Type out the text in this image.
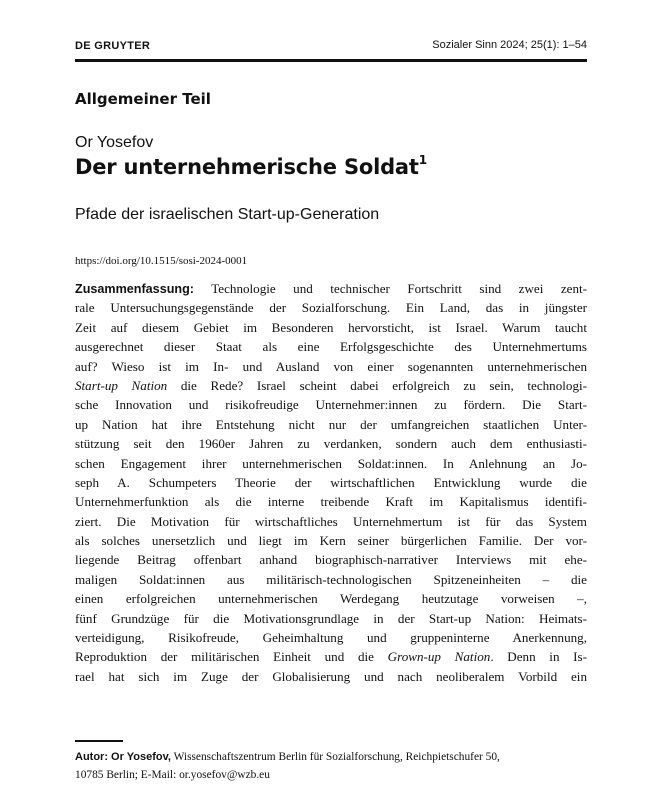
DE GRUYTER	Sozialer Sinn 2024; 25(1): 1–54
Allgemeiner Teil
Or Yosefov
Der unternehmerische Soldat$^1$
Pfade der israelischen Start-up-Generation
https://doi.org/10.1515/sosi-2024-0001
Zusammenfassung: Technologie und technischer Fortschritt sind zwei zent-
rale Untersuchungsgegenstände der Sozialforschung. Ein Land, das in jüngster
Zeit auf diesem Gebiet im Besonderen hervorsticht, ist Israel. Warum taucht
ausgerechnet dieser Staat als eine Erfolgsgeschichte des Unternehmertums
auf? Wieso ist im In- und Ausland von einer sogenannten unternehmerischen
Start-up Nation die Rede? Israel scheint dabei erfolgreich zu sein, technologi-
sche Innovation und risikofreudige Unternehmer:innen zu fördern. Die Start-
up Nation hat ihre Entstehung nicht nur der umfangreichen staatlichen Unter-
stützung seit den 1960er Jahren zu verdanken, sondern auch dem enthusiasti-
schen Engagement ihrer unternehmerischen Soldat:innen. In Anlehnung an Jo-
seph A. Schumpeters Theorie der wirtschaftlichen Entwicklung wurde die
Unternehmerfunktion als die interne treibende Kraft im Kapitalismus identifi-
ziert. Die Motivation für wirtschaftliches Unternehmertum ist für das System
als solches unersetzlich und liegt im Kern seiner bürgerlichen Familie. Der vor-
liegende Beitrag offenbart anhand biographisch-narrativer Interviews mit ehe-
maligen Soldat:innen aus militärisch-technologischen Spitzeneinheiten – die
einen erfolgreichen unternehmerischen Werdegang heutzutage vorweisen –,
fünf Grundzüge für die Motivationsgrundlage in der Start-up Nation: Heimats-
verteidigung, Risikofreude, Geheimhaltung und gruppeninterne Anerkennung,
Reproduktion der militärischen Einheit und die Grown-up Nation. Denn in Is-
rael hat sich im Zuge der Globalisierung und nach neoliberalem Vorbild ein
Autor: Or Yosefov, Wissenschaftszentrum Berlin für Sozialforschung, Reichpietschufer 50,
10785 Berlin; E-Mail: or.yosefov@wzb.eu
